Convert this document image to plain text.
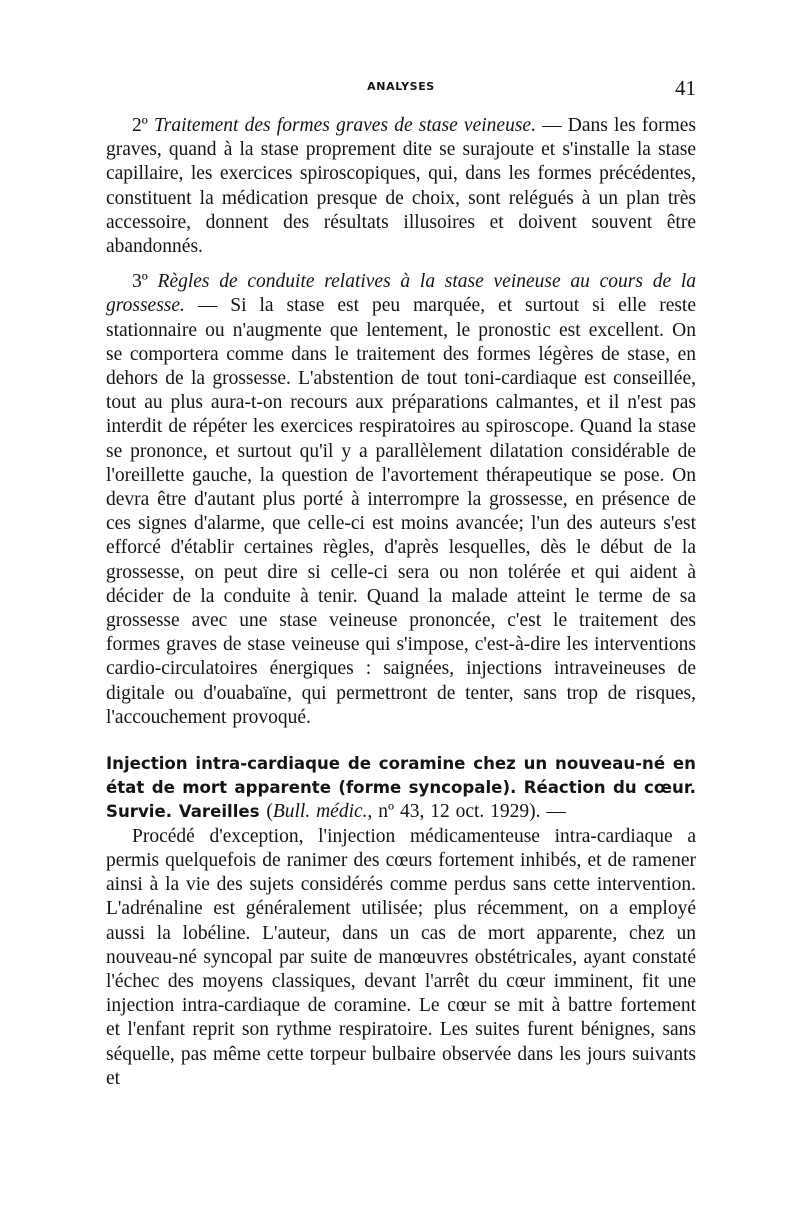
ANALYSES	41

2º Traitement des formes graves de stase veineuse. — Dans les formes graves, quand à la stase proprement dite se surajoute et s'installe la stase capillaire, les exercices spiroscopiques, qui, dans les formes précédentes, constituent la médication presque de choix, sont relégués à un plan très accessoire, donnent des résultats illusoires et doivent souvent être abandonnés.

3º Règles de conduite relatives à la stase veineuse au cours de la grossesse. — Si la stase est peu marquée, et surtout si elle reste stationnaire ou n'augmente que lentement, le pronostic est excellent. On se comportera comme dans le traitement des formes légères de stase, en dehors de la grossesse. L'abstention de tout toni-cardiaque est conseillée, tout au plus aura-t-on recours aux préparations calmantes, et il n'est pas interdit de répéter les exercices respiratoires au spiroscope. Quand la stase se prononce, et surtout qu'il y a parallèlement dilatation considérable de l'oreillette gauche, la question de l'avortement thérapeutique se pose. On devra être d'autant plus porté à interrompre la grossesse, en présence de ces signes d'alarme, que celle-ci est moins avancée; l'un des auteurs s'est efforcé d'établir certaines règles, d'après lesquelles, dès le début de la grossesse, on peut dire si celle-ci sera ou non tolérée et qui aident à décider de la conduite à tenir. Quand la malade atteint le terme de sa grossesse avec une stase veineuse prononcée, c'est le traitement des formes graves de stase veineuse qui s'impose, c'est-à-dire les interventions cardio-circulatoires énergiques : saignées, injections intraveineuses de digitale ou d'ouabaïne, qui permettront de tenter, sans trop de risques, l'accouchement provoqué.

Injection intra-cardiaque de coramine chez un nouveau-né en état de mort apparente (forme syncopale). Réaction du cœur. Survie. Vareilles (Bull. médic., nº 43, 12 oct. 1929). —

Procédé d'exception, l'injection médicamenteuse intra-cardiaque a permis quelquefois de ranimer des cœurs fortement inhibés, et de ramener ainsi à la vie des sujets considérés comme perdus sans cette intervention. L'adrénaline est généralement utilisée; plus récemment, on a employé aussi la lobéline. L'auteur, dans un cas de mort apparente, chez un nouveau-né syncopal par suite de manœuvres obstétricales, ayant constaté l'échec des moyens classiques, devant l'arrêt du cœur imminent, fit une injection intra-cardiaque de coramine. Le cœur se mit à battre fortement et l'enfant reprit son rythme respiratoire. Les suites furent bénignes, sans séquelle, pas même cette torpeur bulbaire observée dans les jours suivants et
